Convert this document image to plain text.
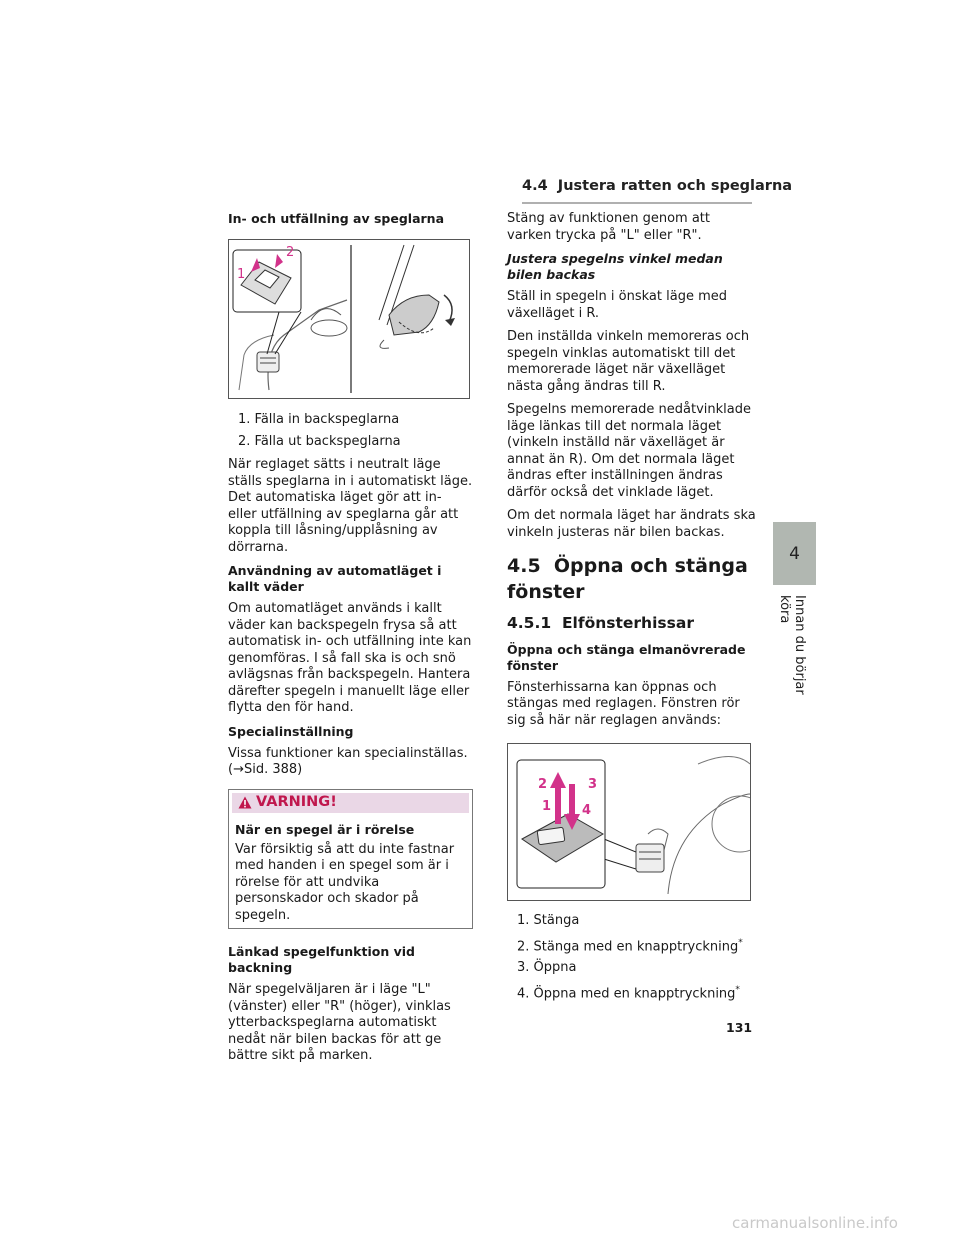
4.4 Justera ratten och speglarna
In- och utfällning av speglarna
1
2
1. Fälla in backspeglarna
2. Fälla ut backspeglarna

När reglaget sätts i neutralt läge ställs speglarna in i automatiskt läge. Det automatiska läget gör att in- eller utfällning av speglarna går att koppla till låsning/upplåsning av dörrarna.

Användning av automatläget i kallt väder

Om automatläget används i kallt väder kan backspegeln frysa så att automatisk in- och utfällning inte kan genomföras. I så fall ska is och snö avlägsnas från backspegeln. Hantera därefter spegeln i manuellt läge eller flytta den för hand.

Specialinställning

Vissa funktioner kan specialinställas.
(→Sid. 388)

VARNING!
När en spegel är i rörelse

Var försiktig så att du inte fastnar med handen i en spegel som är i rörelse för att undvika personskador och skador på spegeln.

Länkad spegelfunktion vid backning

När spegelväljaren är i läge "L" (vänster) eller "R" (höger), vinklas ytterbackspeglarna automatiskt nedåt när bilen backas för att ge bättre sikt på marken.

Stäng av funktionen genom att varken trycka på "L" eller "R".

Justera spegelns vinkel medan bilen backas

Ställ in spegeln i önskat läge med växelläget i R.

Den inställda vinkeln memoreras och spegeln vinklas automatiskt till det memorerade läget när växelläget nästa gång ändras till R.

Spegelns memorerade nedåtvinklade läge länkas till det normala läget (vinkeln inställd när växelläget är annat än R). Om det normala läget ändras efter inställningen ändras därför också det vinklade läget.

Om det normala läget har ändrats ska vinkeln justeras när bilen backas.

4.5 Öppna och stänga fönster
4.5.1 Elfönsterhissar
Öppna och stänga elmanövrerade fönster

Fönsterhissarna kan öppnas och stängas med reglagen. Fönstren rör sig så här när reglagen används:

2	3
1 4
1. Stänga
2. Stänga med en knapptryckning*
3. Öppna
4. Öppna med en knapptryckning*
4
Innan du börjar köra
131
carmanualsonline.info
